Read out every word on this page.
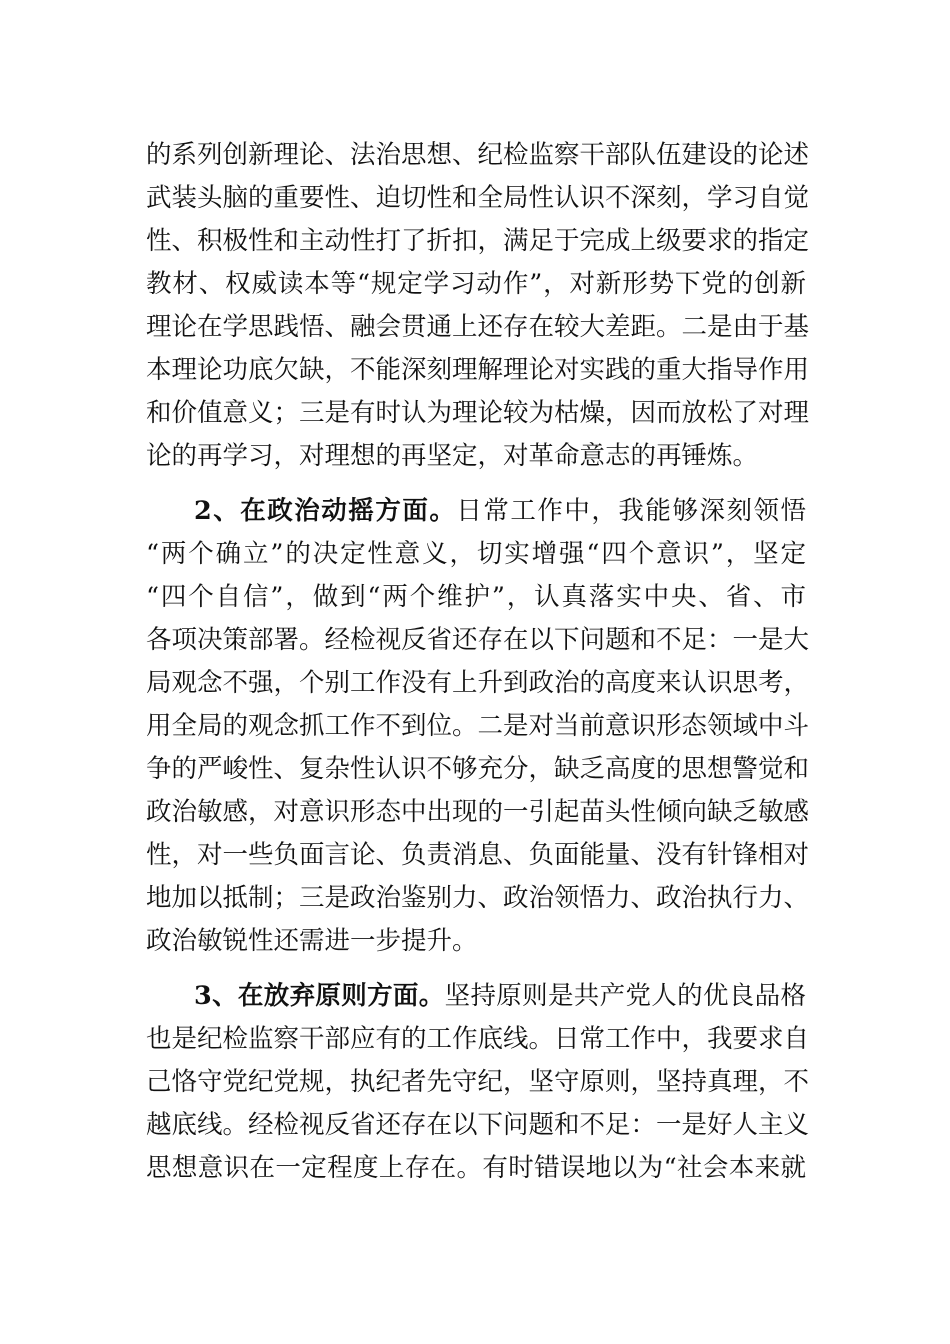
的系列创新理论、法治思想、纪检监察干部队伍建设的论述
武装头脑的重要性、迫切性和全局性认识不深刻，学习自觉
性、积极性和主动性打了折扣，满足于完成上级要求的指定
教材、权威读本等“规定学习动作”，对新形势下党的创新
理论在学思践悟、融会贯通上还存在较大差距。二是由于基
本理论功底欠缺，不能深刻理解理论对实践的重大指导作用
和价值意义；三是有时认为理论较为枯燥，因而放松了对理
论的再学习，对理想的再坚定，对革命意志的再锤炼。
2、在政治动摇方面。日常工作中，我能够深刻领悟
“两个确立”的决定性意义，切实增强“四个意识”，坚定
“四个自信”，做到“两个维护”，认真落实中央、省、市
各项决策部署。经检视反省还存在以下问题和不足：一是大
局观念不强，个别工作没有上升到政治的高度来认识思考，
用全局的观念抓工作不到位。二是对当前意识形态领域中斗
争的严峻性、复杂性认识不够充分，缺乏高度的思想警觉和
政治敏感，对意识形态中出现的一引起苗头性倾向缺乏敏感
性，对一些负面言论、负责消息、负面能量、没有针锋相对
地加以抵制；三是政治鉴别力、政治领悟力、政治执行力、
政治敏锐性还需进一步提升。
3、在放弃原则方面。坚持原则是共产党人的优良品格
也是纪检监察干部应有的工作底线。日常工作中，我要求自
己恪守党纪党规，执纪者先守纪，坚守原则，坚持真理，不
越底线。经检视反省还存在以下问题和不足：一是好人主义
思想意识在一定程度上存在。有时错误地以为“社会本来就
